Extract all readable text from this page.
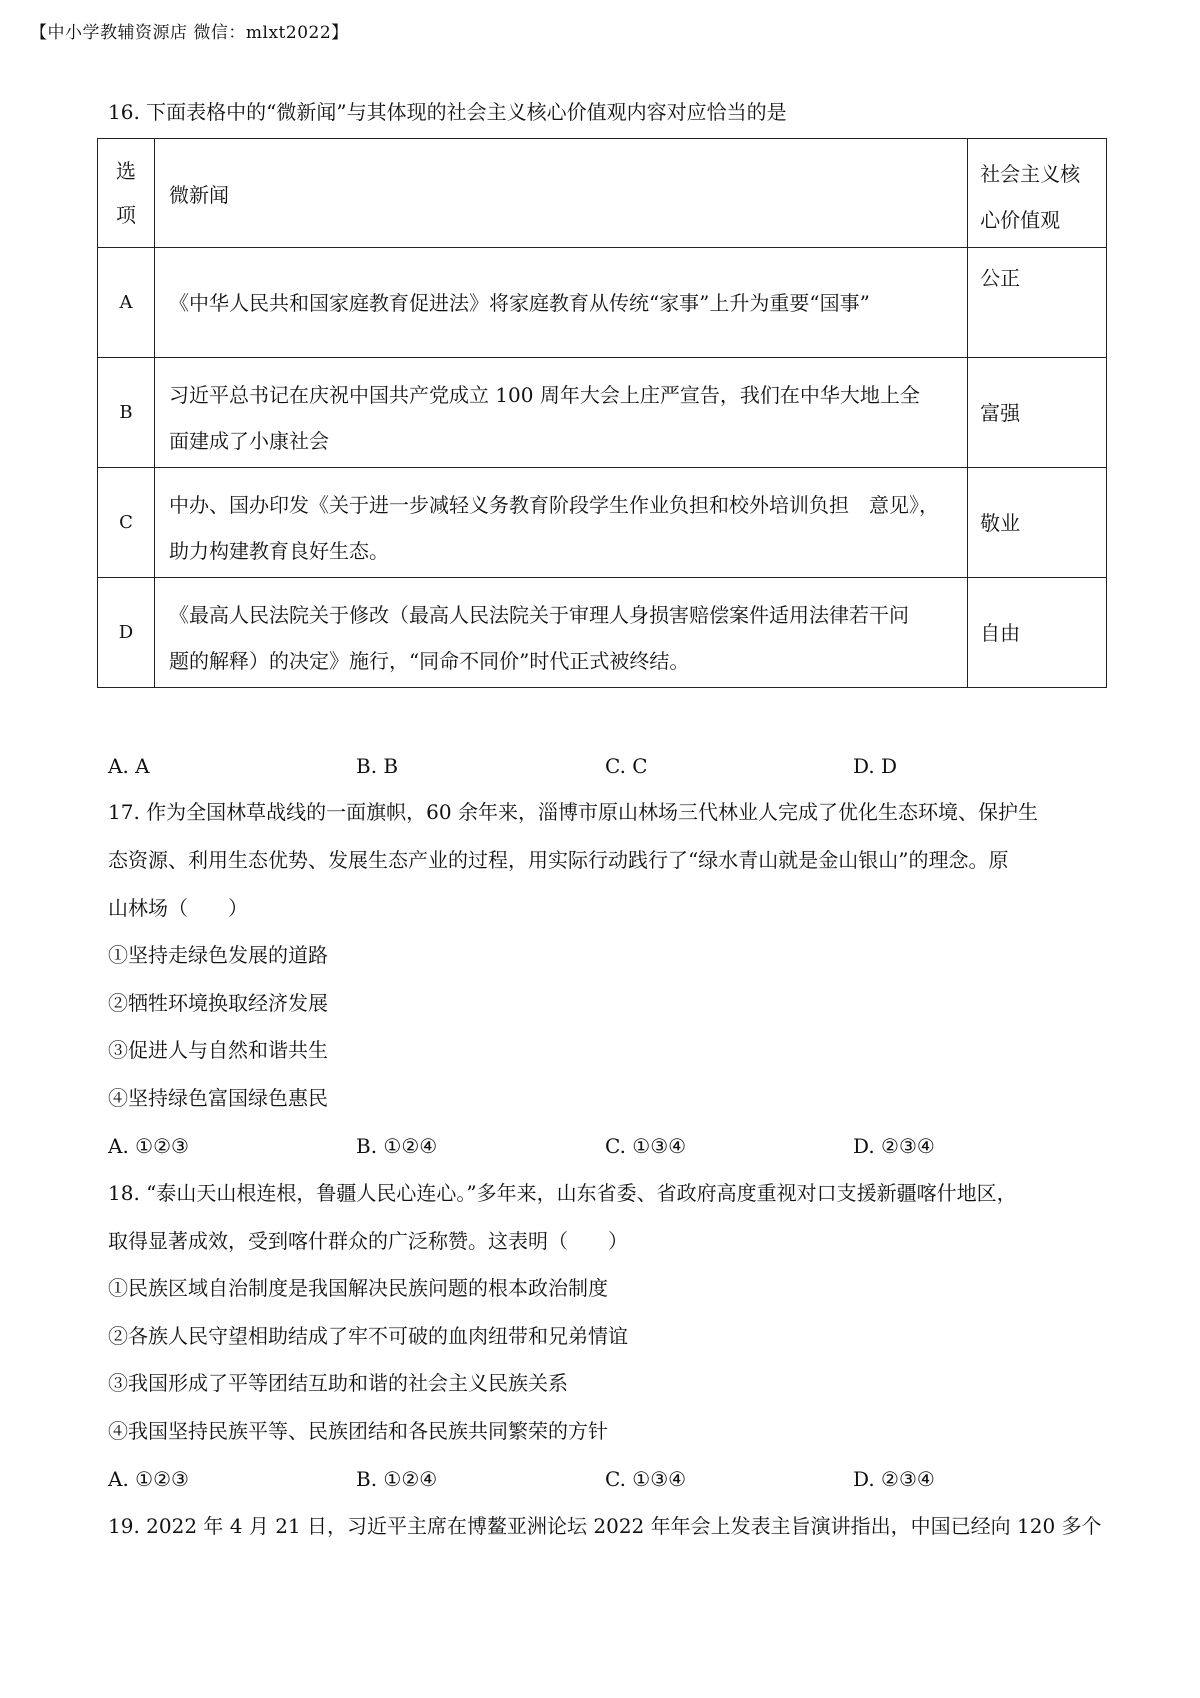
【中小学教辅资源店 微信：mlxt2022】
16. 下面表格中的“微新闻”与其体现的社会主义核心价值观内容对应恰当的是
选项	微新闻	社会主义核
心价值观

A	《中华人民共和国家庭教育促进法》将家庭教育从传统“家事”上升为重要“国事”	公正
B	习近平总书记在庆祝中国共产党成立 100 周年大会上庄严宣告，我们在中华大地上全
面建成了小康社会	富强
C	中办、国办印发《关于进一步减轻义务教育阶段学生作业负担和校外培训负担　意见》，
助力构建教育良好生态。	敬业
D	《最高人民法院关于修改（最高人民法院关于审理人身损害赔偿案件适用法律若干问
题的解释）的决定》施行，“同命不同价”时代正式被终结。	自由
A. A	B. B	C. C	D. D
17. 作为全国林草战线的一面旗帜，60 余年来，淄博市原山林场三代林业人完成了优化生态环境、保护生
态资源、利用生态优势、发展生态产业的过程，用实际行动践行了“绿水青山就是金山银山”的理念。原
山林场（　　）
①坚持走绿色发展的道路
②牺牲环境换取经济发展
③促进人与自然和谐共生
④坚持绿色富国绿色惠民
A. ①②③	B. ①②④	C. ①③④	D. ②③④
18. “泰山天山根连根，鲁疆人民心连心。”多年来，山东省委、省政府高度重视对口支援新疆喀什地区，
取得显著成效，受到喀什群众的广泛称赞。这表明（　　）
①民族区域自治制度是我国解决民族问题的根本政治制度
②各族人民守望相助结成了牢不可破的血肉纽带和兄弟情谊
③我国形成了平等团结互助和谐的社会主义民族关系
④我国坚持民族平等、民族团结和各民族共同繁荣的方针
A. ①②③	B. ①②④	C. ①③④	D. ②③④
19. 2022 年 4 月 21 日，习近平主席在博鳌亚洲论坛 2022 年年会上发表主旨演讲指出，中国已经向 120 多个
